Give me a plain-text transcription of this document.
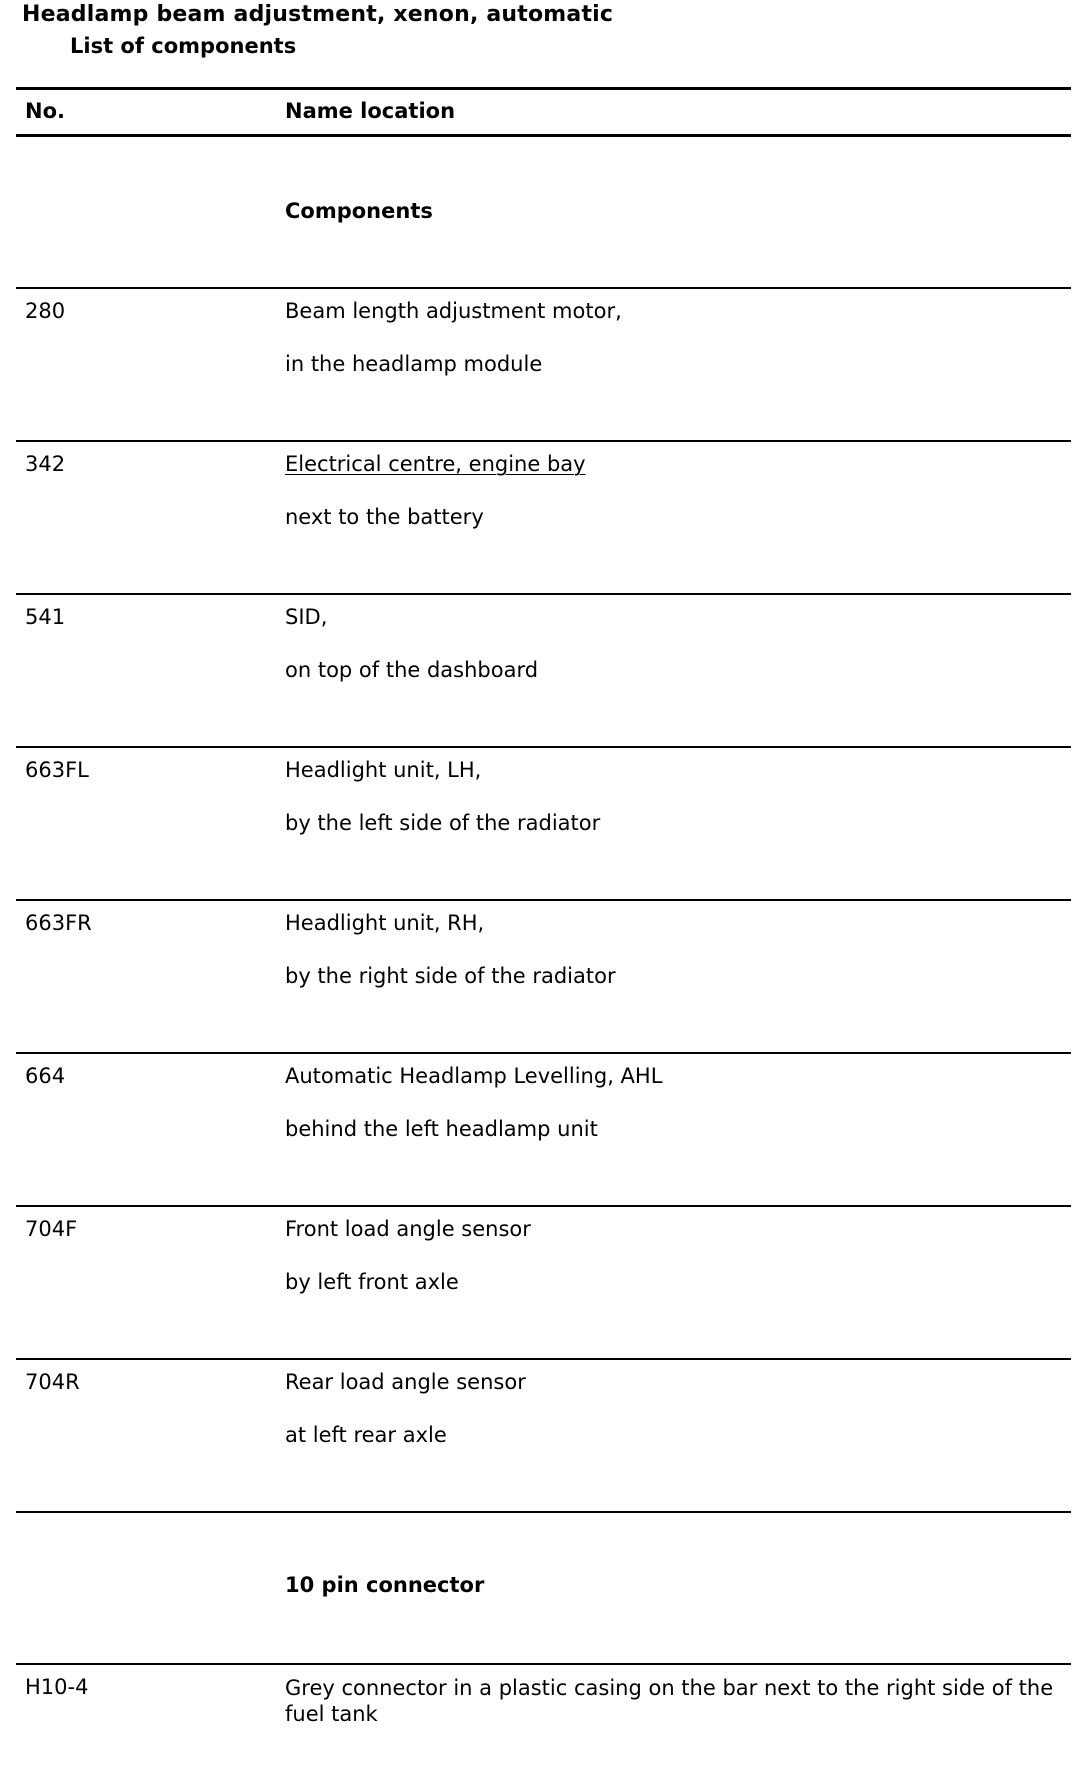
Headlamp beam adjustment, xenon, automatic
List of components
No.	Name location
Components
280	Beam length adjustment motor,
in the headlamp module
342	Electrical centre, engine bay
next to the battery
541	SID,
on top of the dashboard
663FL	Headlight unit, LH,
by the left side of the radiator
663FR	Headlight unit, RH,
by the right side of the radiator
664	Automatic Headlamp Levelling, AHL
behind the left headlamp unit
704F	Front load angle sensor
by left front axle
704R	Rear load angle sensor
at left rear axle
10 pin connector
H10-4	Grey connector in a plastic casing on the bar next to the right side of the fuel tank
